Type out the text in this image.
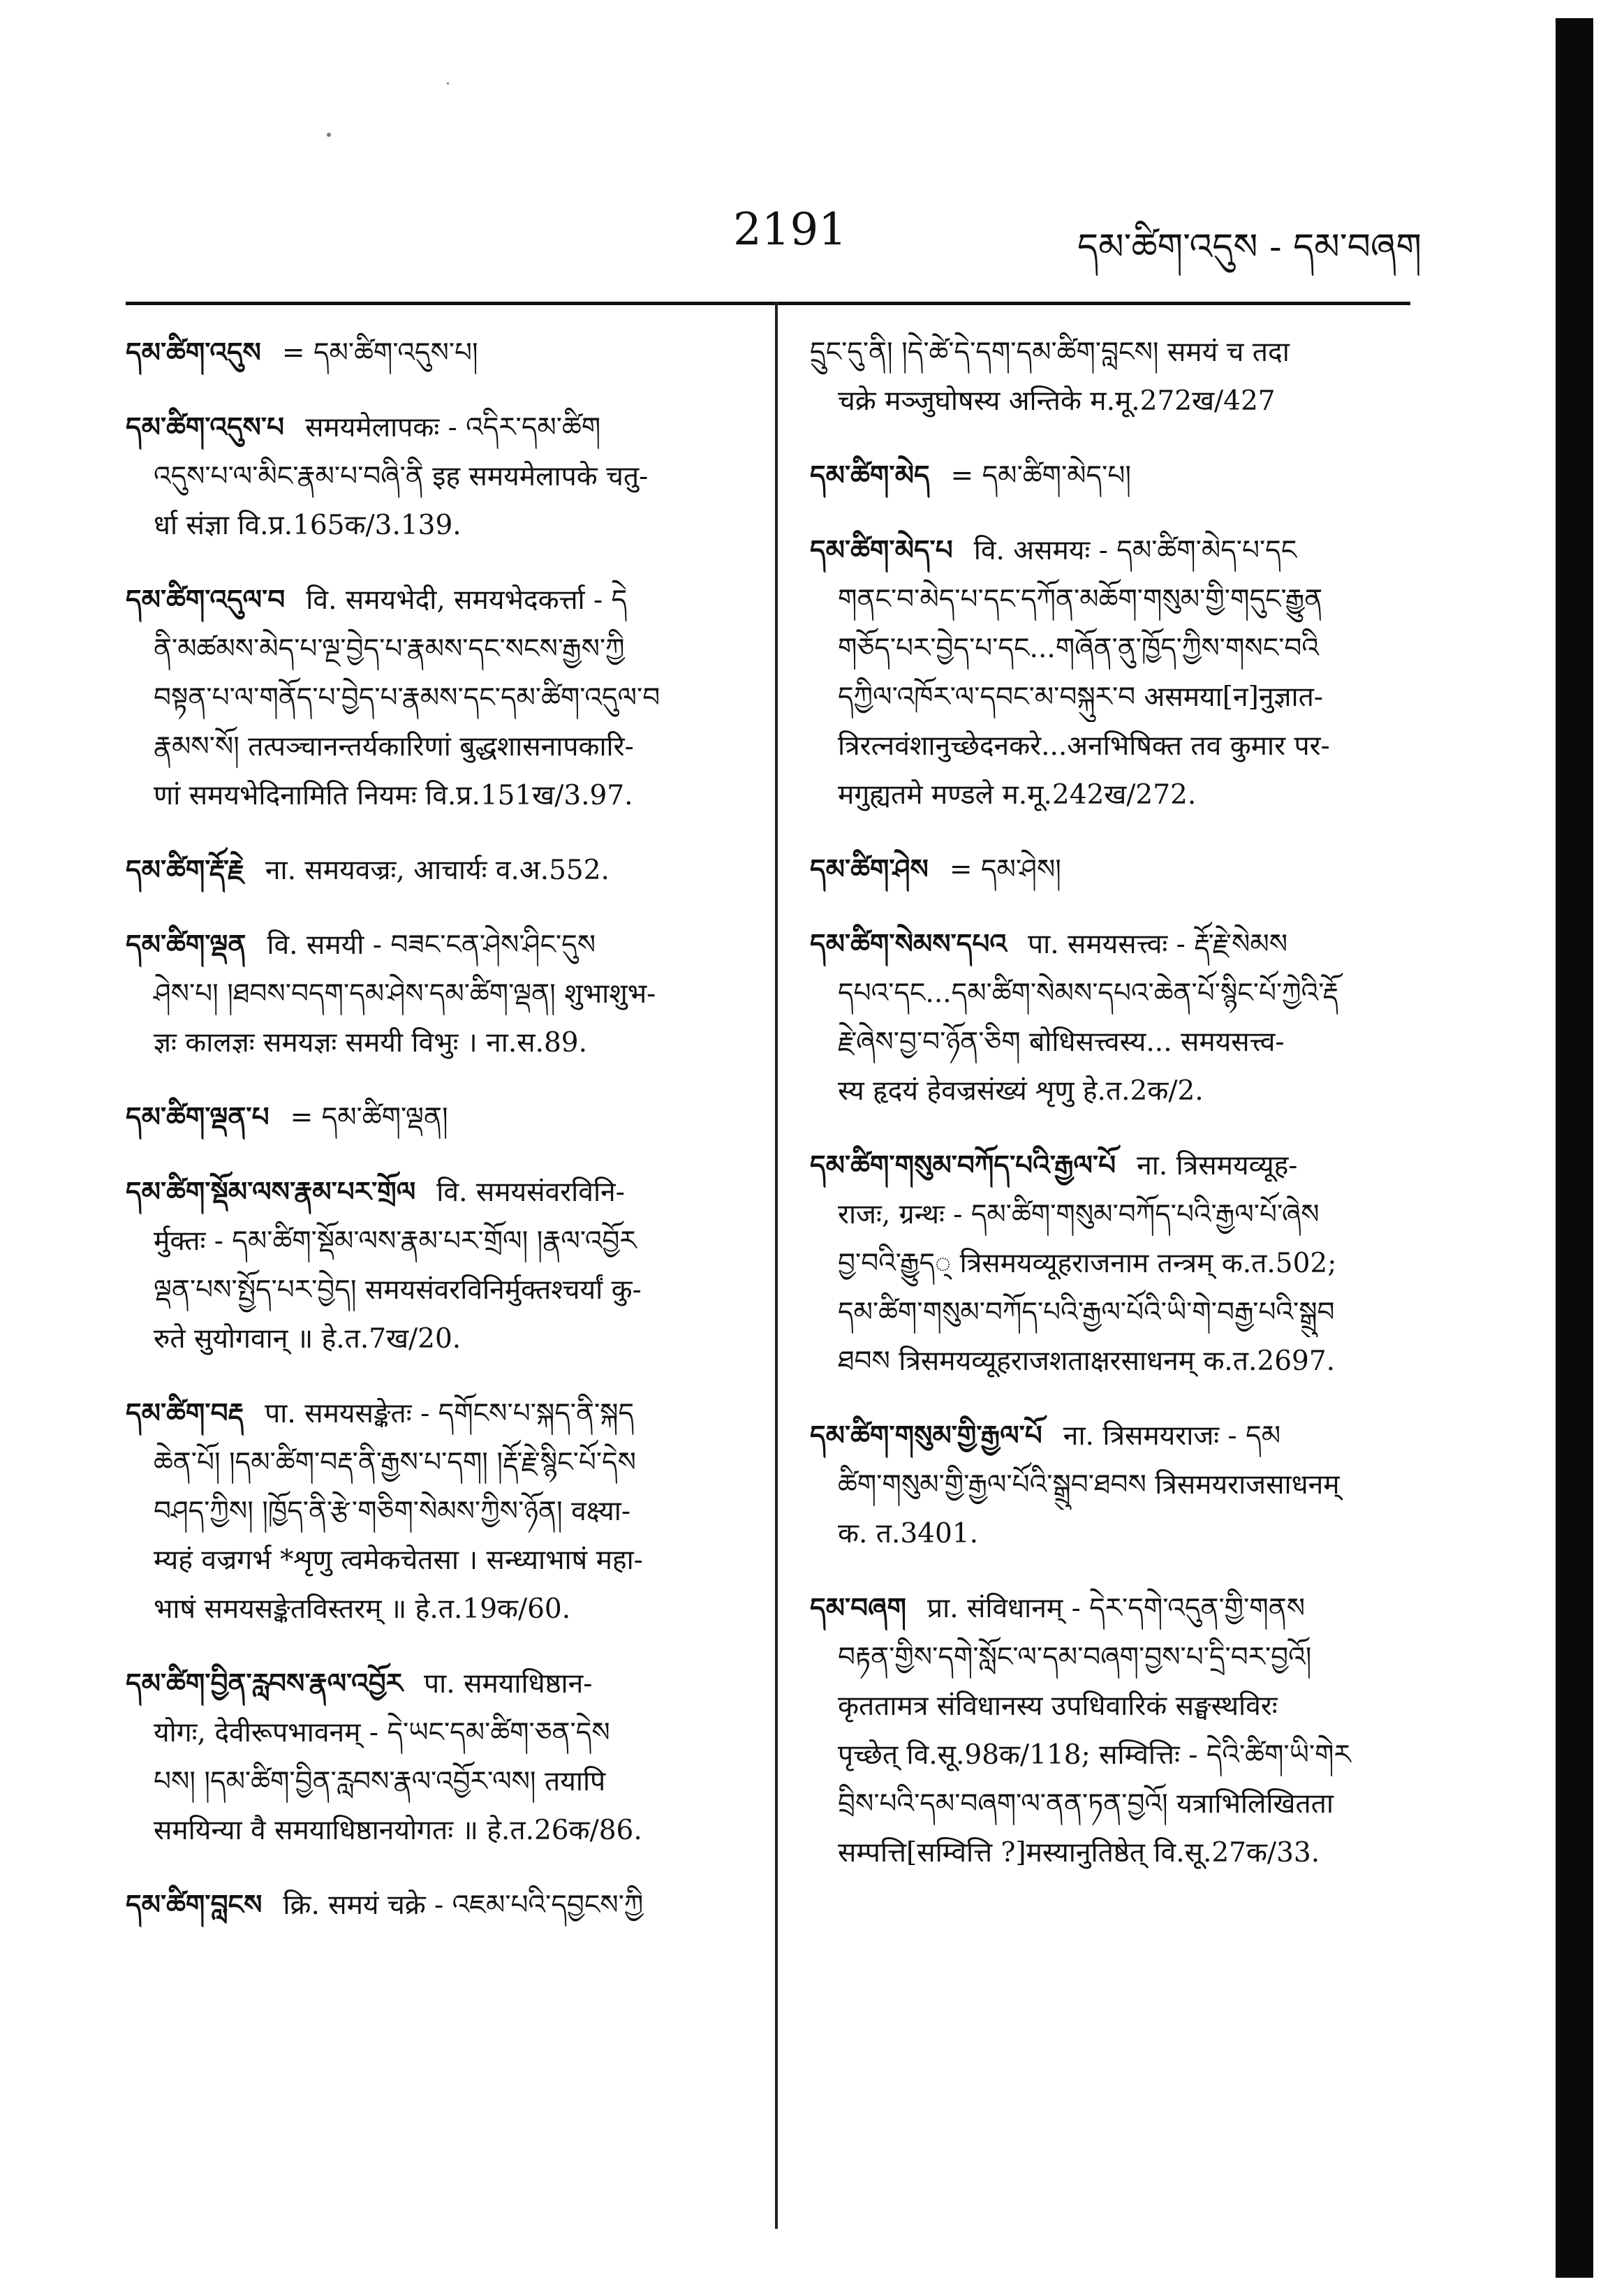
2191	དམ་ཚིག་འདུས - དམ་བཞག
དམ་ཚིག་འདུས = དམ་ཚིག་འདུས་པ།
དམ་ཚིག་འདུས་པ समयमेलापकः - འདིར་དམ་ཚིག
འདུས་པ་ལ་མིང་རྣམ་པ་བཞི་ནི इह समयमेलापके चतु-
र्धा संज्ञा वि.प्र.165क/3.139.
དམ་ཚིག་འདུལ་བ वि. समयभेदी, समयभेदकर्त्ता - དེ
ནི་མཚམས་མེད་པ་ལྔ་བྱེད་པ་རྣམས་དང་སངས་རྒྱས་ཀྱི
བསྟན་པ་ལ་གནོད་པ་བྱེད་པ་རྣམས་དང་དམ་ཚིག་འདུལ་བ
རྣམས་སོ། तत्पञ्चानन्तर्यकारिणां बुद्धशासनापकारि-
णां समयभेदिनामिति नियमः वि.प्र.151ख/3.97.
དམ་ཚིག་རྡོ་རྗེ ना. समयवज्रः, आचार्यः व.अ.552.
དམ་ཚིག་ལྡན वि. समयी - བཟང་ངན་ཤེས་ཤིང་དུས
ཤེས་པ། །ཐབས་བདག་དམ་ཤེས་དམ་ཚིག་ལྡན། शुभाशुभ-
ज्ञः कालज्ञः समयज्ञः समयी विभुः । ना.स.89.
དམ་ཚིག་ལྡན་པ = དམ་ཚིག་ལྡན།
དམ་ཚིག་སྡོམ་ལས་རྣམ་པར་གྲོལ वि. समयसंवरविनि-
र्मुक्तः - དམ་ཚིག་སྡོམ་ལས་རྣམ་པར་གྲོལ། །རྣལ་འབྱོར
ལྡན་པས་སྤྱོད་པར་བྱེད། समयसंवरविनिर्मुक्तश्चर्यां कु-
रुते सुयोगवान् ॥ हे.त.7ख/20.
དམ་ཚིག་བརྡ पा. समयसङ्केतः - དགོངས་པ་སྐད་ནི་སྐད
ཆེན་པོ། །དམ་ཚིག་བརྡ་ནི་རྒྱས་པ་དག། །རྡོ་རྗེ་སྙིང་པོ་དེས
བཤད་ཀྱིས། །ཁྱོད་ནི་རྩེ་གཅིག་སེམས་ཀྱིས་ཉོན། वक्ष्या-
म्यहं वज्रगर्भ *शृणु त्वमेकचेतसा । सन्ध्याभाषं महा-
भाषं समयसङ्केतविस्तरम् ॥ हे.त.19क/60.
དམ་ཚིག་བྱིན་རླབས་རྣལ་འབྱོར पा. समयाधिष्ठान-
योगः, देवीरूपभावनम् - དེ་ཡང་དམ་ཚིག་ཅན་དེས
པས། །དམ་ཚིག་བྱིན་རླབས་རྣལ་འབྱོར་ལས། तयापि
समयिन्या वै समयाधिष्ठानयोगतः ॥ हे.त.26क/86.
དམ་ཚིག་བླངས क्रि. समयं चक्रे - འཇམ་པའི་དབྱངས་ཀྱི
དྲུང་དུ་ནི། །དེ་ཚེ་དེ་དག་དམ་ཚིག་བླངས། समयं च तदा
चक्रे मञ्जुघोषस्य अन्तिके म.मू.272ख/427
དམ་ཚིག་མེད = དམ་ཚིག་མེད་པ།
དམ་ཚིག་མེད་པ वि. असमयः - དམ་ཚིག་མེད་པ་དང
གནང་བ་མེད་པ་དང་དཀོན་མཆོག་གསུམ་གྱི་གདུང་རྒྱུན
གཅོད་པར་བྱེད་པ་དང...གཞོན་ནུ་ཁྱོད་ཀྱིས་གསང་བའི
དཀྱིལ་འཁོར་ལ་དབང་མ་བསྐུར་བ असमया[न]नुज्ञात-
त्रिरत्नवंशानुच्छेदनकरे...अनभिषिक्त तव कुमार पर-
मगुह्यतमे मण्डले म.मू.242ख/272.
དམ་ཚིག་ཤེས = དམ་ཤེས།
དམ་ཚིག་སེམས་དཔའ पा. समयसत्त्वः - རྡོ་རྗེ་སེམས
དཔའ་དང...དམ་ཚིག་སེམས་དཔའ་ཆེན་པོ་སྙིང་པོ་ཀྱེའི་རྡོ
རྗེ་ཞེས་བྱ་བ་ཉོན་ཅིག बोधिसत्त्वस्य... समयसत्त्व-
स्य हृदयं हेवज्रसंख्यं शृणु हे.त.2क/2.
དམ་ཚིག་གསུམ་བཀོད་པའི་རྒྱལ་པོ ना. त्रिसमयव्यूह-
राजः, ग्रन्थः - དམ་ཚིག་གསུམ་བཀོད་པའི་རྒྱལ་པོ་ཞེས
བྱ་བའི་རྒྱུད् त्रिसमयव्यूहराजनाम तन्त्रम् क.त.502;
དམ་ཚིག་གསུམ་བཀོད་པའི་རྒྱལ་པོའི་ཡི་གེ་བརྒྱ་པའི་སྒྲུབ
ཐབས त्रिसमयव्यूहराजशताक्षरसाधनम् क.त.2697.
དམ་ཚིག་གསུམ་གྱི་རྒྱལ་པོ ना. त्रिसमयराजः - དམ
ཚིག་གསུམ་གྱི་རྒྱལ་པོའི་སྒྲུབ་ཐབས त्रिसमयराजसाधनम्
क. त.3401.
དམ་བཞག प्रा. संविधानम् - དེར་དགེ་འདུན་གྱི་གནས
བརྟན་གྱིས་དགེ་སློང་ལ་དམ་བཞག་བྱས་པ་དྲི་བར་བྱའོ།
कृततामत्र संविधानस्य उपधिवारिकं सङ्घस्थविरः
पृच्छेत् वि.सू.98क/118; सम्वित्तिः - དེའི་ཚིག་ཡི་གེར
བྲིས་པའི་དམ་བཞག་ལ་ནན་ཏན་བྱའོ། यत्राभिलिखितता
सम्पत्ति[सम्वित्ति ?]मस्यानुतिष्ठेत् वि.सू.27क/33.
